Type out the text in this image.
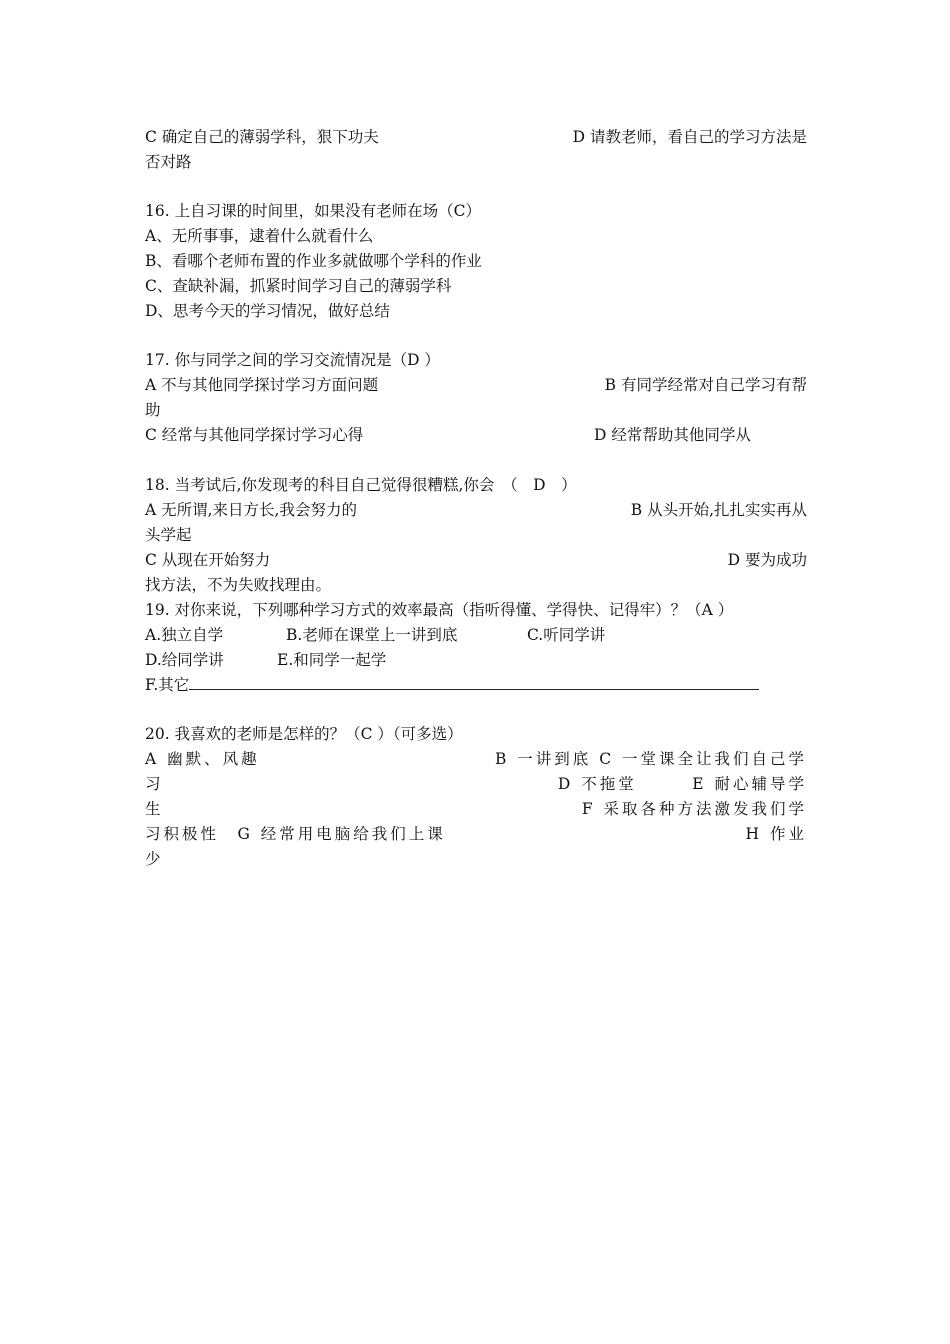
C 确定自己的薄弱学科，狠下功夫	D 请教老师，看自己的学习方法是
否对路
16. 上自习课的时间里，如果没有老师在场（C）
A、无所事事，逮着什么就看什么
B、看哪个老师布置的作业多就做哪个学科的作业
C、查缺补漏，抓紧时间学习自己的薄弱学科
D、思考今天的学习情况，做好总结
17. 你与同学之间的学习交流情况是（D ）
A 不与其他同学探讨学习方面问题	B 有同学经常对自己学习有帮
助
C 经常与其他同学探讨学习心得	D 经常帮助其他同学从
18. 当考试后,你发现考的科目自己觉得很糟糕,你会　（　D　）
A 无所谓,来日方长,我会努力的	B 从头开始,扎扎实实再从
头学起
C 从现在开始努力	D 要为成功
找方法，不为失败找理由。
19. 对你来说，下列哪种学习方式的效率最高（指听得懂、学得快、记得牢）？（A ）
A.独立自学	B.老师在课堂上一讲到底	C.听同学讲
D.给同学讲	E.和同学一起学
F.其它
20. 我喜欢的老师是怎样的？（C ）（可多选）
A 幽默、风趣	B 一讲到底 C 一堂课全让我们自己学
习	D 不拖堂　　　E 耐心辅导学
生	F 采取各种方法激发我们学
习积极性　G 经常用电脑给我们上课	H 作业
少
